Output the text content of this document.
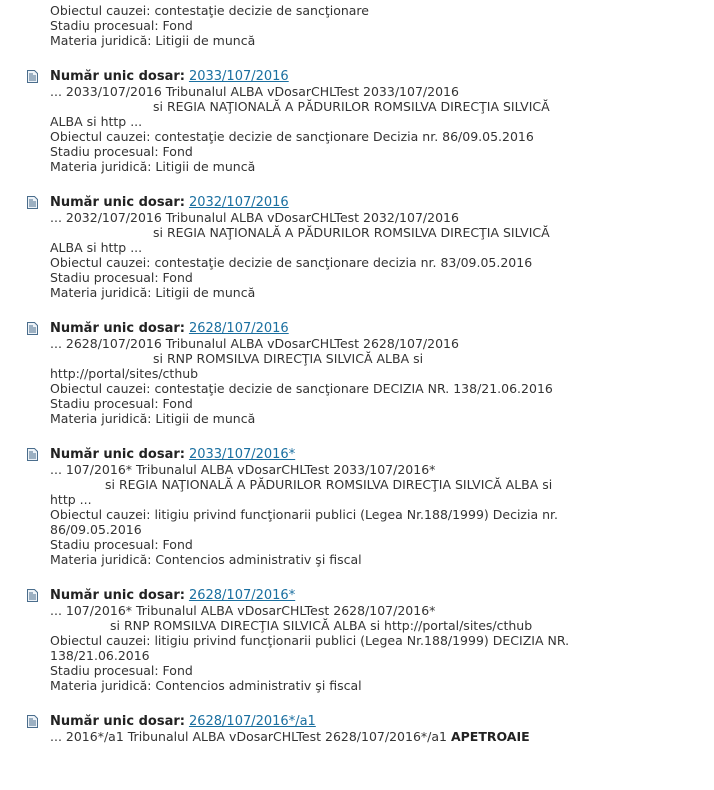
Obiectul cauzei: contestaţie decizie de sancţionare
Stadiu procesual: Fond
Materia juridică: Litigii de muncă
Număr unic dosar: 2033/107/2016
... 2033/107/2016 Tribunalul ALBA vDosarCHLTest 2033/107/2016
si REGIA NAŢIONALĂ A PĂDURILOR ROMSILVA DIRECŢIA SILVICĂ
ALBA si http ...
Obiectul cauzei: contestaţie decizie de sancţionare Decizia nr. 86/09.05.2016
Stadiu procesual: Fond
Materia juridică: Litigii de muncă
Număr unic dosar: 2032/107/2016
... 2032/107/2016 Tribunalul ALBA vDosarCHLTest 2032/107/2016
si REGIA NAŢIONALĂ A PĂDURILOR ROMSILVA DIRECŢIA SILVICĂ
ALBA si http ...
Obiectul cauzei: contestaţie decizie de sancţionare decizia nr. 83/09.05.2016
Stadiu procesual: Fond
Materia juridică: Litigii de muncă
Număr unic dosar: 2628/107/2016
... 2628/107/2016 Tribunalul ALBA vDosarCHLTest 2628/107/2016
si RNP ROMSILVA DIRECŢIA SILVICĂ ALBA si
http://portal/sites/cthub
Obiectul cauzei: contestaţie decizie de sancţionare DECIZIA NR. 138/21.06.2016
Stadiu procesual: Fond
Materia juridică: Litigii de muncă
Număr unic dosar: 2033/107/2016*
... 107/2016* Tribunalul ALBA vDosarCHLTest 2033/107/2016*
si REGIA NAŢIONALĂ A PĂDURILOR ROMSILVA DIRECŢIA SILVICĂ ALBA si
http ...
Obiectul cauzei: litigiu privind funcţionarii publici (Legea Nr.188/1999) Decizia nr. 86/09.05.2016
Stadiu procesual: Fond
Materia juridică: Contencios administrativ şi fiscal
Număr unic dosar: 2628/107/2016*
... 107/2016* Tribunalul ALBA vDosarCHLTest 2628/107/2016*
si RNP ROMSILVA DIRECŢIA SILVICĂ ALBA si http://portal/sites/cthub
Obiectul cauzei: litigiu privind funcţionarii publici (Legea Nr.188/1999) DECIZIA NR. 138/21.06.2016
Stadiu procesual: Fond
Materia juridică: Contencios administrativ şi fiscal
Număr unic dosar: 2628/107/2016*/a1
... 2016*/a1 Tribunalul ALBA vDosarCHLTest 2628/107/2016*/a1 APETROAIE
